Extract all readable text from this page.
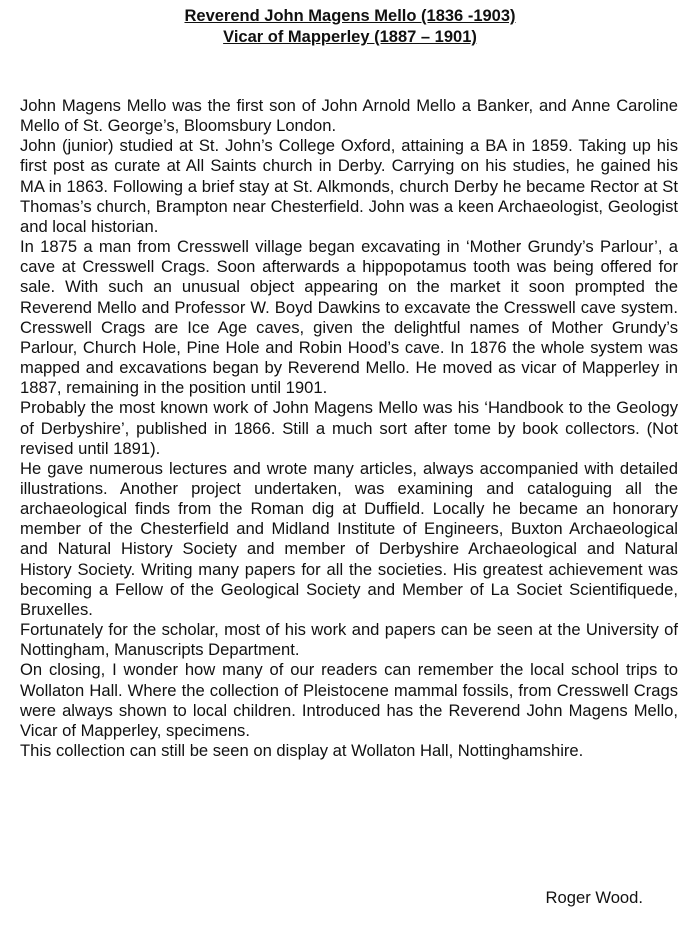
Reverend John Magens Mello (1836 -1903)
Vicar of Mapperley (1887 – 1901)

John Magens Mello was the first son of John Arnold Mello a Banker, and Anne Caroline Mello of St. George’s, Bloomsbury London.

John (junior) studied at St. John’s College Oxford, attaining a BA in 1859. Taking up his first post as curate at All Saints church in Derby. Carrying on his studies, he gained his MA in 1863. Following a brief stay at St. Alkmonds, church Derby he became Rector at St Thomas’s church, Brampton near Chesterfield. John was a keen Archaeologist, Geologist and local historian.

In 1875 a man from Cresswell village began excavating in ‘Mother Grundy’s Parlour’, a cave at Cresswell Crags. Soon afterwards a hippopotamus tooth was being offered for sale. With such an unusual object appearing on the market it soon prompted the Reverend Mello and Professor W. Boyd Dawkins to excavate the Cresswell cave system. Cresswell Crags are Ice Age caves, given the delightful names of Mother Grundy’s Parlour, Church Hole, Pine Hole and Robin Hood’s cave. In 1876 the whole system was mapped and excavations began by Reverend Mello. He moved as vicar of Mapperley in 1887, remaining in the position until 1901.

Probably the most known work of John Magens Mello was his ‘Handbook to the Geology of Derbyshire’, published in 1866. Still a much sort after tome by book collectors. (Not revised until 1891).

He gave numerous lectures and wrote many articles, always accompanied with detailed illustrations. Another project undertaken, was examining and cataloguing all the archaeological finds from the Roman dig at Duffield. Locally he became an honorary member of the Chesterfield and Midland Institute of Engineers, Buxton Archaeological and Natural History Society and member of Derbyshire Archaeological and Natural History Society. Writing many papers for all the societies. His greatest achievement was becoming a Fellow of the Geological Society and Member of La Societ Scientifiquede, Bruxelles.

Fortunately for the scholar, most of his work and papers can be seen at the University of Nottingham, Manuscripts Department.

On closing, I wonder how many of our readers can remember the local school trips to Wollaton Hall. Where the collection of Pleistocene mammal fossils, from Cresswell Crags were always shown to local children. Introduced has the Reverend John Magens Mello, Vicar of Mapperley, specimens.

This collection can still be seen on display at Wollaton Hall, Nottinghamshire.

Roger Wood.
